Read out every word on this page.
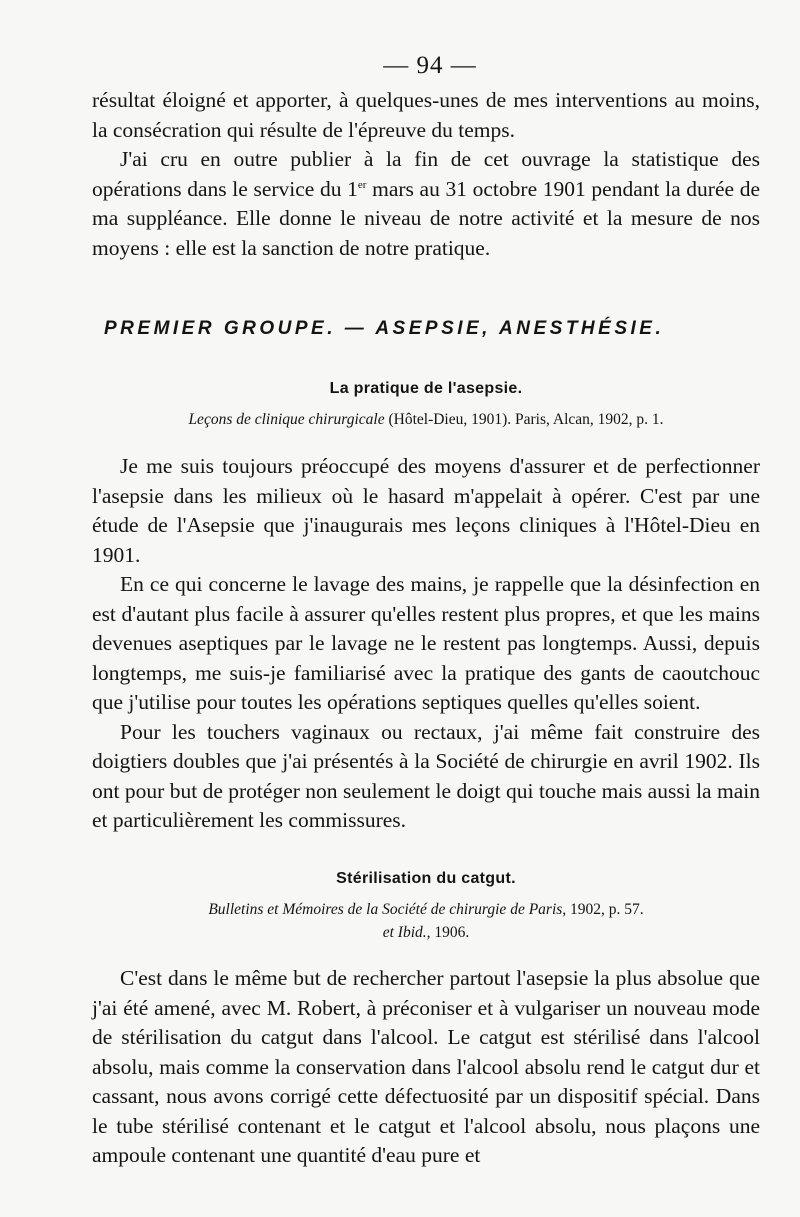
— 94 —

résultat éloigné et apporter, à quelques-unes de mes interventions au moins, la consécration qui résulte de l'épreuve du temps.

J'ai cru en outre publier à la fin de cet ouvrage la statistique des opérations dans le service du 1er mars au 31 octobre 1901 pendant la durée de ma suppléance. Elle donne le niveau de notre activité et la mesure de nos moyens : elle est la sanction de notre pratique.

PREMIER GROUPE. — ASEPSIE, ANESTHÉSIE.
La pratique de l'asepsie.
Leçons de clinique chirurgicale (Hôtel-Dieu, 1901). Paris, Alcan, 1902, p. 1.

Je me suis toujours préoccupé des moyens d'assurer et de perfectionner l'asepsie dans les milieux où le hasard m'appelait à opérer. C'est par une étude de l'Asepsie que j'inaugurais mes leçons cliniques à l'Hôtel-Dieu en 1901.

En ce qui concerne le lavage des mains, je rappelle que la désinfection en est d'autant plus facile à assurer qu'elles restent plus propres, et que les mains devenues aseptiques par le lavage ne le restent pas longtemps. Aussi, depuis longtemps, me suis-je familiarisé avec la pratique des gants de caoutchouc que j'utilise pour toutes les opérations septiques quelles qu'elles soient.

Pour les touchers vaginaux ou rectaux, j'ai même fait construire des doigtiers doubles que j'ai présentés à la Société de chirurgie en avril 1902. Ils ont pour but de protéger non seulement le doigt qui touche mais aussi la main et particulièrement les commissures.

Stérilisation du catgut.
Bulletins et Mémoires de la Société de chirurgie de Paris, 1902, p. 57.
et Ibid., 1906.

C'est dans le même but de rechercher partout l'asepsie la plus absolue que j'ai été amené, avec M. Robert, à préconiser et à vulgariser un nouveau mode de stérilisation du catgut dans l'alcool. Le catgut est stérilisé dans l'alcool absolu, mais comme la conservation dans l'alcool absolu rend le catgut dur et cassant, nous avons corrigé cette défectuosité par un dispositif spécial. Dans le tube stérilisé contenant et le catgut et l'alcool absolu, nous plaçons une ampoule contenant une quantité d'eau pure et
